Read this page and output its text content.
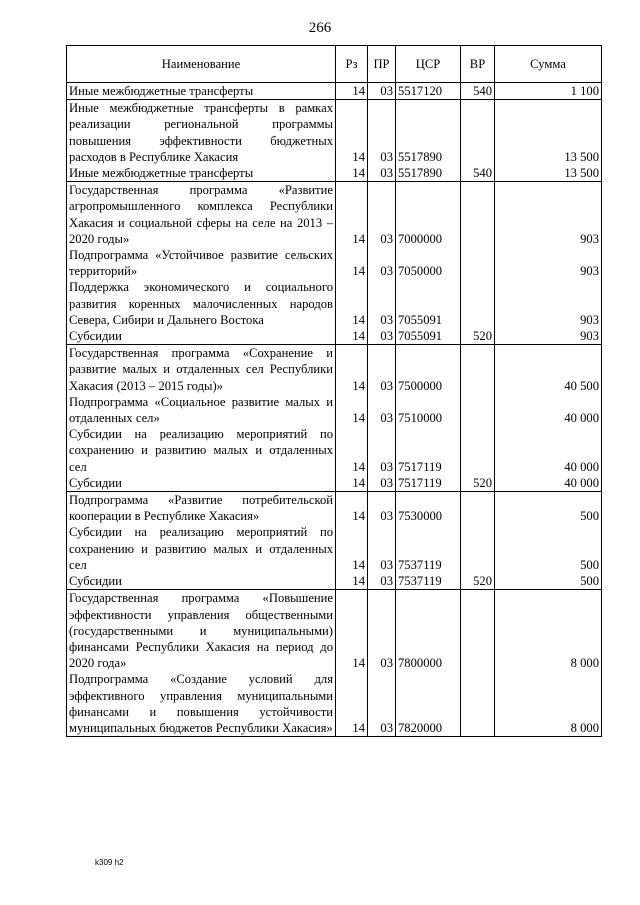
266
Наименование	Рз	ПР	ЦСР	ВР	Сумма
Иные межбюджетные трансферты	14	03	5517120	540	1 100
Иные межбюджетные трансферты в рамках реализации региональной программы повышения эффективности бюджетных расходов в Республике Хакасия	14	03	5517890		13 500
Иные межбюджетные трансферты	14	03	5517890	540	13 500
Государственная программа «Развитие агропромышленного комплекса Республики Хакасия и социальной сферы на селе на 2013 – 2020 годы»	14	03	7000000		903
Подпрограмма «Устойчивое развитие сельских территорий»	14	03	7050000		903
Поддержка экономического и социального развития коренных малочисленных народов Севера, Сибири и Дальнего Востока	14	03	7055091		903
Субсидии	14	03	7055091	520	903
Государственная программа «Сохранение и развитие малых и отдаленных сел Республики Хакасия (2013 – 2015 годы)»	14	03	7500000		40 500
Подпрограмма «Социальное развитие малых и отдаленных сел»	14	03	7510000		40 000
Субсидии на реализацию мероприятий по сохранению и развитию малых и отдаленных сел	14	03	7517119		40 000
Субсидии	14	03	7517119	520	40 000
Подпрограмма «Развитие потребительской кооперации в Республике Хакасия»	14	03	7530000		500
Субсидии на реализацию мероприятий по сохранению и развитию малых и отдаленных сел	14	03	7537119		500
Субсидии	14	03	7537119	520	500
Государственная программа «Повышение эффективности управления общественными (государственными и муниципальными) финансами Республики Хакасия на период до 2020 года»	14	03	7800000		8 000
Подпрограмма «Создание условий для эффективного управления муниципальными финансами и повышения устойчивости муниципальных бюджетов Республики Хакасия»	14	03	7820000		8 000
k309 h2
